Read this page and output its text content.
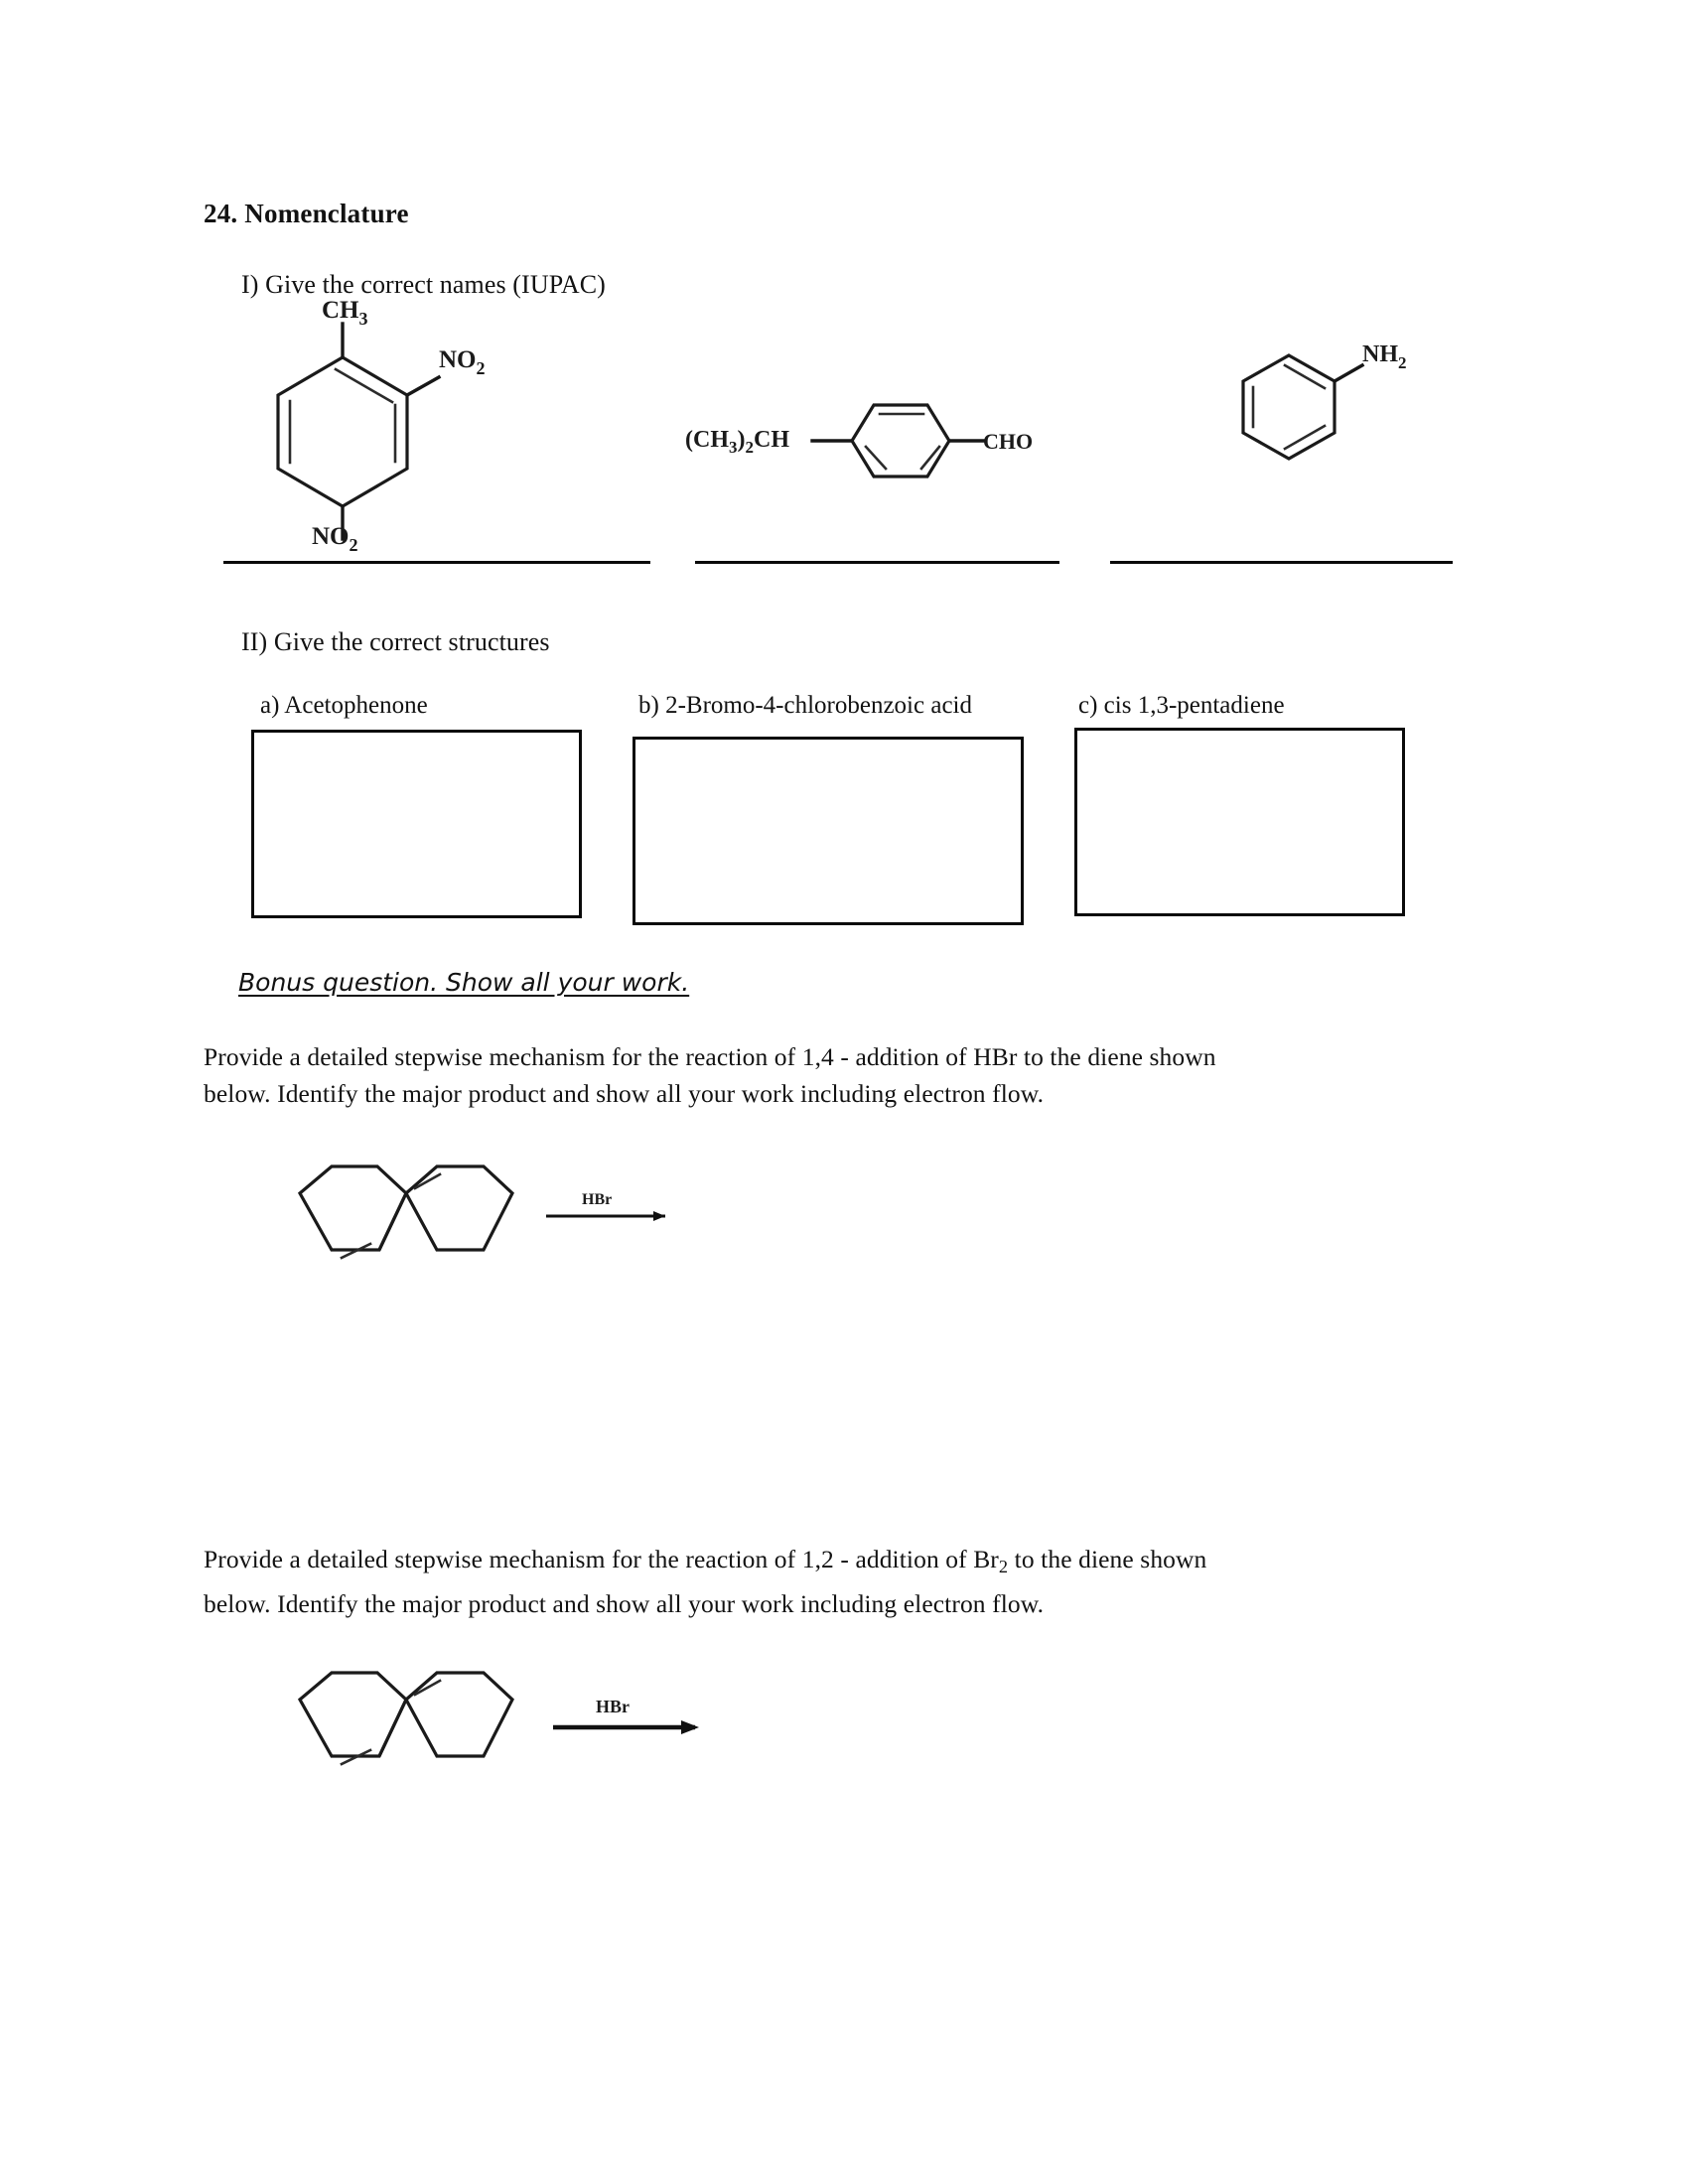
24. Nomenclature
I) Give the correct names (IUPAC)
$CH_3$
$NO_2$
$NO_2$
$(CH_3)_2CH$	CHO
$NH_2$
II) Give the correct structures
a) Acetophenone	b) 2-Bromo-4-chlorobenzoic acid	c) cis 1,3-pentadiene
Bonus question. Show all your work.
Provide a detailed stepwise mechanism for the reaction of 1,4 - addition of HBr to the diene shown
below. Identify the major product and show all your work including electron flow.
HBr
Provide a detailed stepwise mechanism for the reaction of 1,2 - addition of $Br_2$ to the diene shown
below. Identify the major product and show all your work including electron flow.
HBr
